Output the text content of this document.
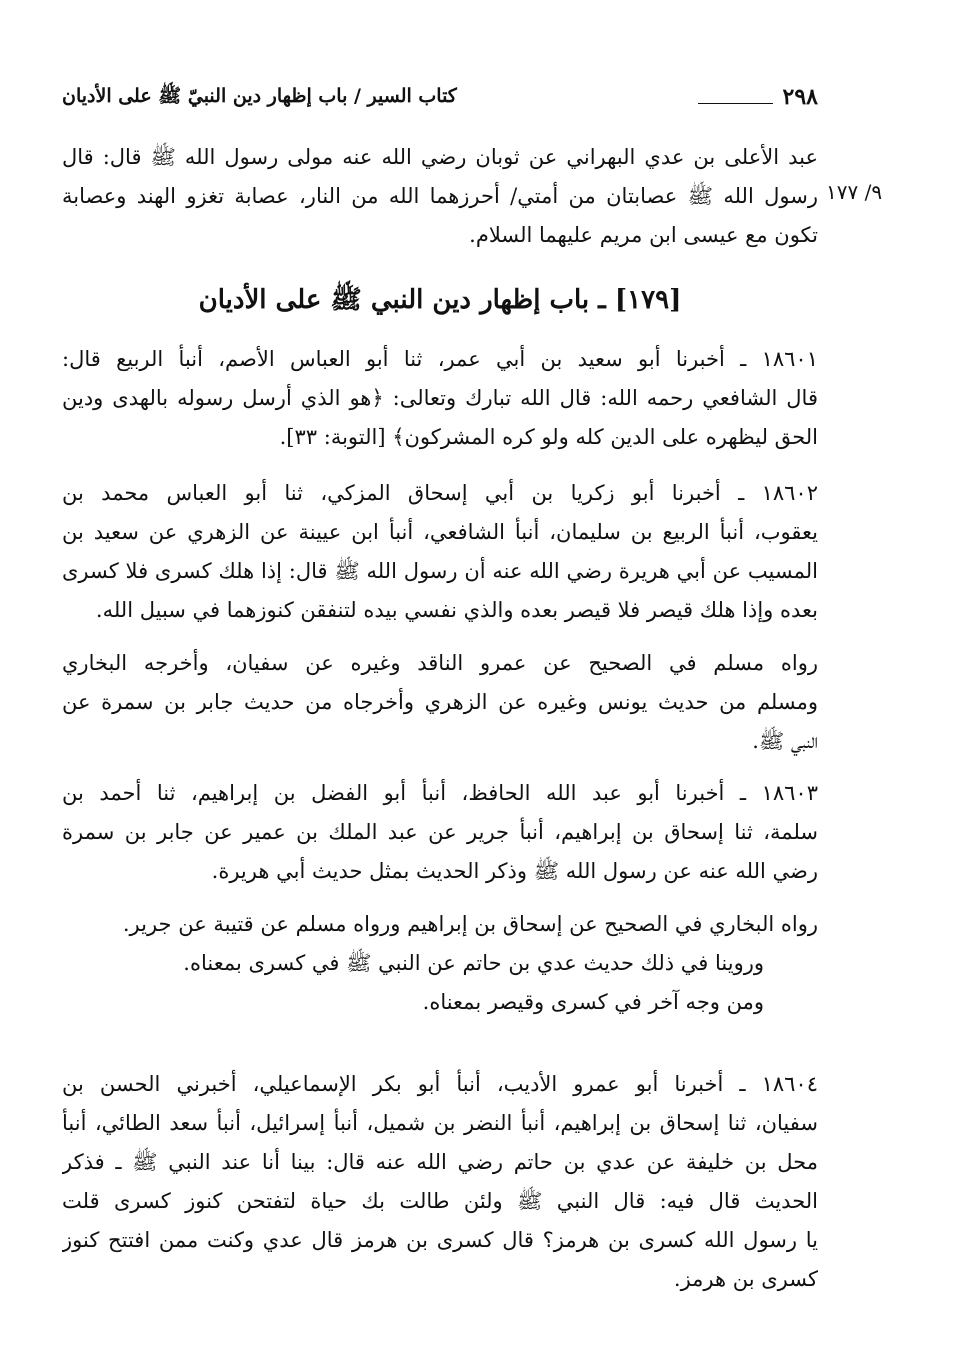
٢٩٨
كتاب السير / باب إظهار دين النبيّ ﷺ على الأديان
٩/ ١٧٧
عبد الأعلى بن عدي البهراني عن ثوبان رضي الله عنه مولى رسول الله ﷺ قال: قال
رسول الله ﷺ عصابتان من أمتي/ أحرزهما الله من النار، عصابة تغزو الهند وعصابة
تكون مع عيسى ابن مريم عليهما السلام.
[١٧٩] ـ باب إظهار دين النبي ﷺ على الأديان
١٨٦٠١ ـ أخبرنا أبو سعيد بن أبي عمر، ثنا أبو العباس الأصم، أنبأ الربيع قال:
قال الشافعي رحمه الله: قال الله تبارك وتعالى: ﴿هو الذي أرسل رسوله بالهدى ودين
الحق ليظهره على الدين كله ولو كره المشركون﴾ [التوبة: ٣٣].
١٨٦٠٢ ـ أخبرنا أبو زكريا بن أبي إسحاق المزكي، ثنا أبو العباس محمد بن
يعقوب، أنبأ الربيع بن سليمان، أنبأ الشافعي، أنبأ ابن عيينة عن الزهري عن سعيد بن
المسيب عن أبي هريرة رضي الله عنه أن رسول الله ﷺ قال: إذا هلك كسرى فلا كسرى
بعده وإذا هلك قيصر فلا قيصر بعده والذي نفسي بيده لتنفقن كنوزهما في سبيل الله.
رواه مسلم في الصحيح عن عمرو الناقد وغيره عن سفيان، وأخرجه البخاري
ومسلم من حديث يونس وغيره عن الزهري وأخرجاه من حديث جابر بن سمرة عن
النبي ﷺ.
١٨٦٠٣ ـ أخبرنا أبو عبد الله الحافظ، أنبأ أبو الفضل بن إبراهيم، ثنا أحمد بن
سلمة، ثنا إسحاق بن إبراهيم، أنبأ جرير عن عبد الملك بن عمير عن جابر بن سمرة
رضي الله عنه عن رسول الله ﷺ وذكر الحديث بمثل حديث أبي هريرة.
رواه البخاري في الصحيح عن إسحاق بن إبراهيم ورواه مسلم عن قتيبة عن جرير.
وروينا في ذلك حديث عدي بن حاتم عن النبي ﷺ في كسرى بمعناه.
ومن وجه آخر في كسرى وقيصر بمعناه.
١٨٦٠٤ ـ أخبرنا أبو عمرو الأديب، أنبأ أبو بكر الإسماعيلي، أخبرني الحسن بن
سفيان، ثنا إسحاق بن إبراهيم، أنبأ النضر بن شميل، أنبأ إسرائيل، أنبأ سعد الطائي، أنبأ
محل بن خليفة عن عدي بن حاتم رضي الله عنه قال: بينا أنا عند النبي ﷺ ـ فذكر
الحديث قال فيه: قال النبي ﷺ ولئن طالت بك حياة لتفتحن كنوز كسرى قلت
يا رسول الله كسرى بن هرمز؟ قال كسرى بن هرمز قال عدي وكنت ممن افتتح كنوز
كسرى بن هرمز.
